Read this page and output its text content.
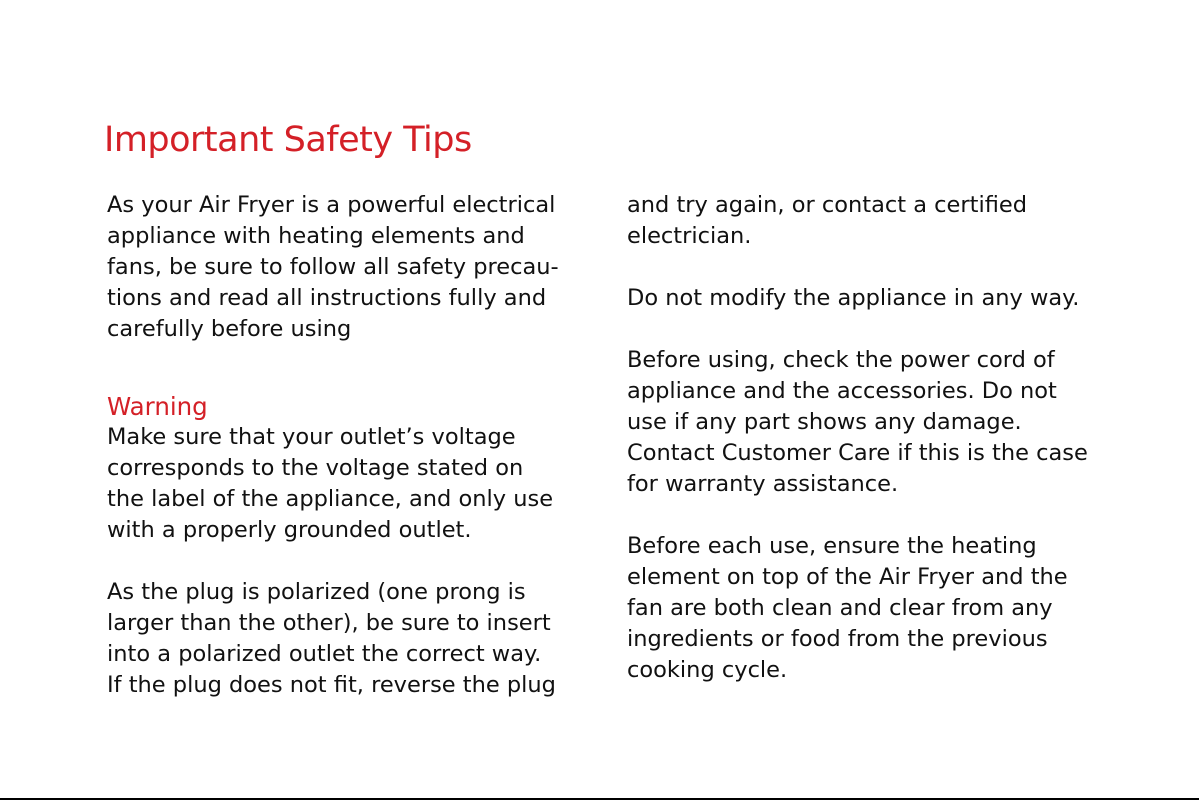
Important Safety Tips

As your Air Fryer is a powerful electrical
appliance with heating elements and
fans, be sure to follow all safety precau-
tions and read all instructions fully and
carefully before using

Warning

Make sure that your outlet’s voltage
corresponds to the voltage stated on
the label of the appliance, and only use
with a properly grounded outlet.

As the plug is polarized (one prong is
larger than the other), be sure to insert
into a polarized outlet the correct way.
If the plug does not fit, reverse the plug

and try again, or contact a certified
electrician.

Do not modify the appliance in any way.

Before using, check the power cord of
appliance and the accessories. Do not
use if any part shows any damage.
Contact Customer Care if this is the case
for warranty assistance.

Before each use, ensure the heating
element on top of the Air Fryer and the
fan are both clean and clear from any
ingredients or food from the previous
cooking cycle.
